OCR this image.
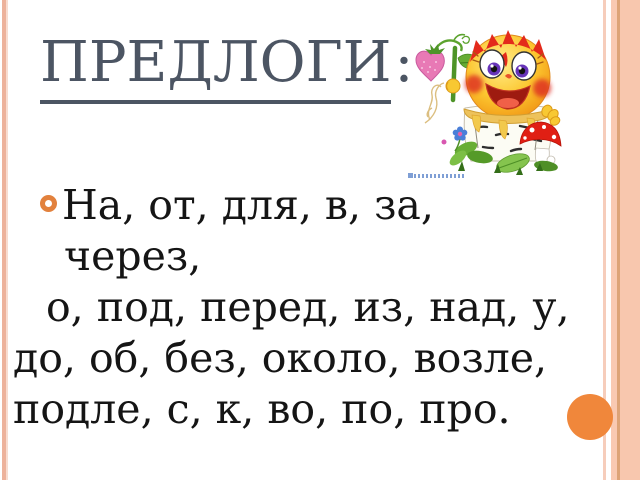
ПРЕДЛОГИ:
На, от, для, в, за,
через,
о, под, перед, из, над, у,
до, об, без, около, возле,
подле, с, к, во, по, про.
